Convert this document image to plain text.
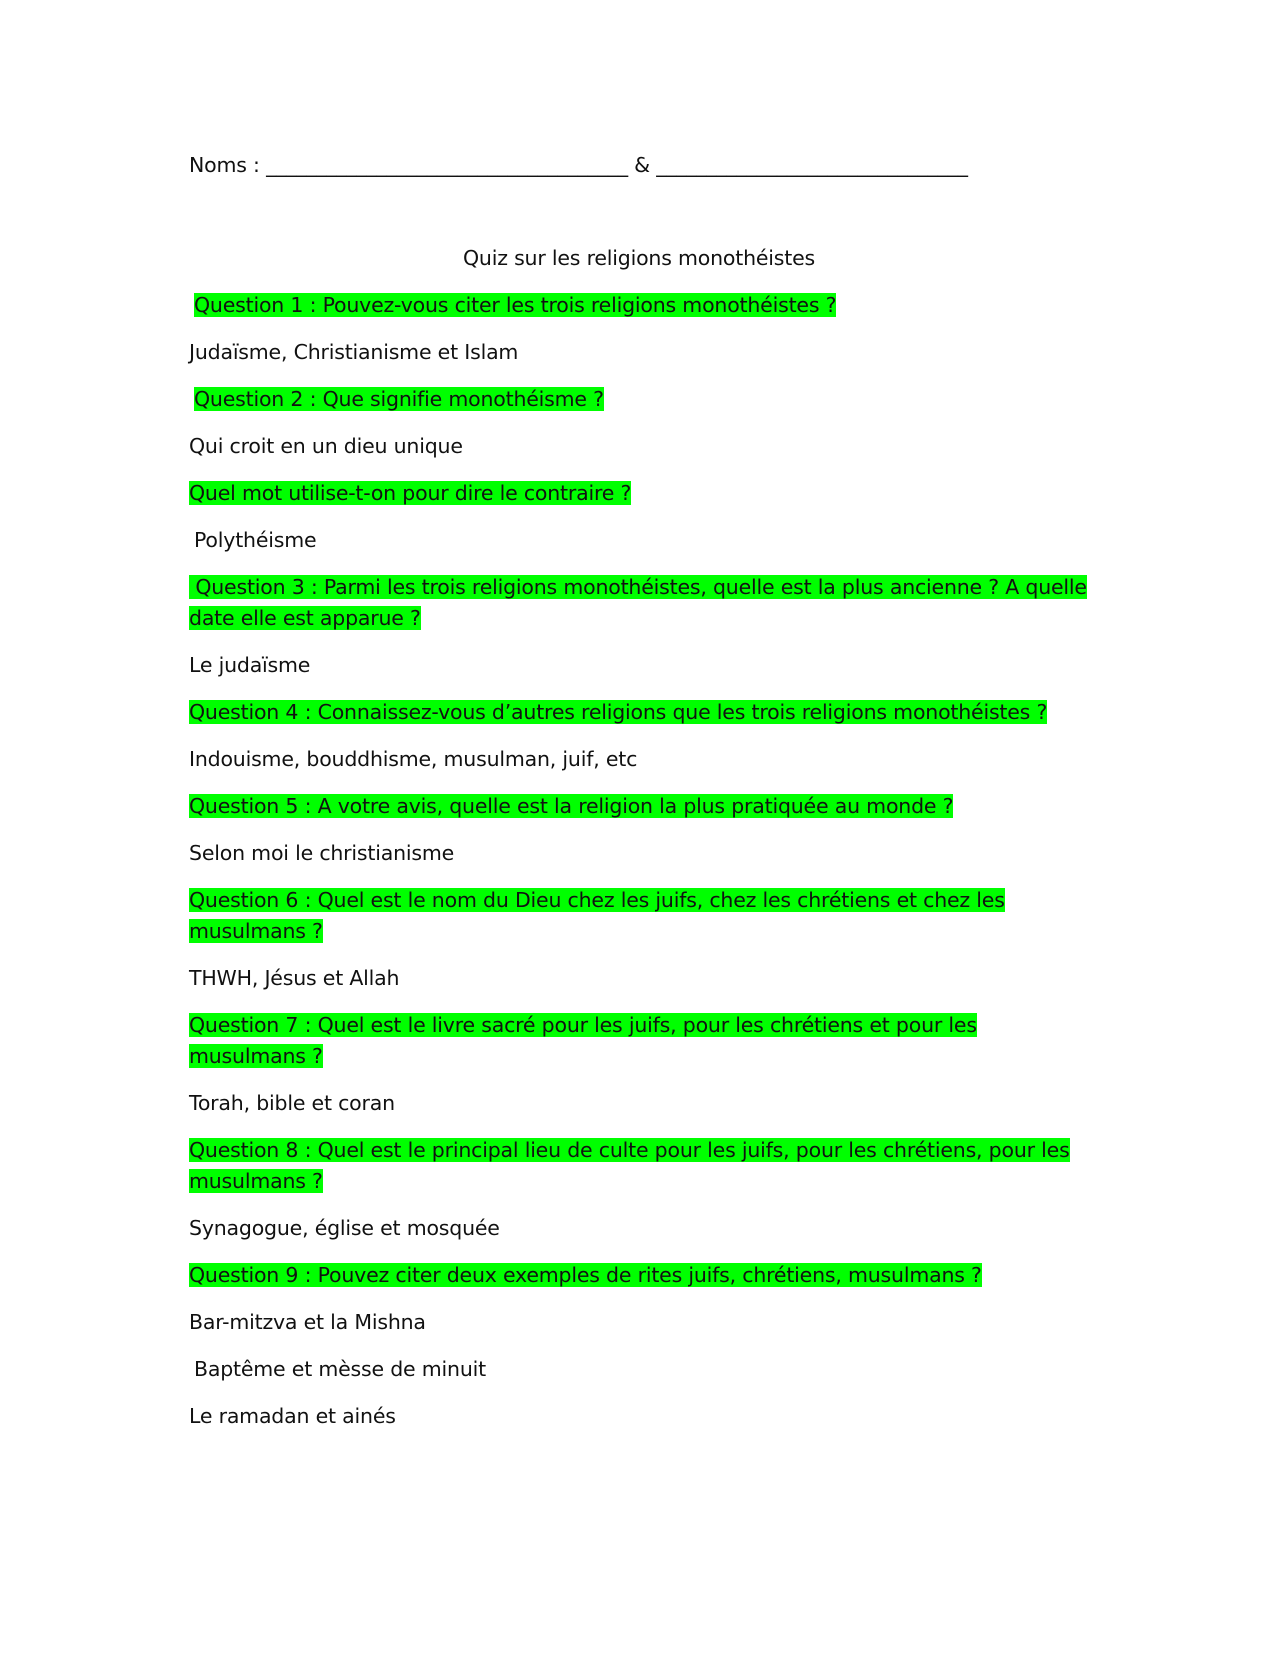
Noms : ____________________________________ & _______________________________
Quiz sur les religions monothéistes
Question 1 : Pouvez-vous citer les trois religions monothéistes ?
Judaïsme, Christianisme et Islam
Question 2 : Que signifie monothéisme ?
Qui croit en un dieu unique
Quel mot utilise-t-on pour dire le contraire ?
Polythéisme
Question 3 : Parmi les trois religions monothéistes, quelle est la plus ancienne ? A quelle date elle est apparue ?
Le judaïsme
Question 4 : Connaissez-vous d’autres religions que les trois religions monothéistes ?
Indouisme, bouddhisme, musulman, juif, etc
Question 5 : A votre avis, quelle est la religion la plus pratiquée au monde ?
Selon moi le christianisme
Question 6 : Quel est le nom du Dieu chez les juifs, chez les chrétiens et chez les musulmans ?
THWH, Jésus et Allah
Question 7 : Quel est le livre sacré pour les juifs, pour les chrétiens et pour les musulmans ?
Torah, bible et coran
Question 8 : Quel est le principal lieu de culte pour les juifs, pour les chrétiens, pour les musulmans ?
Synagogue, église et mosquée
Question 9 : Pouvez citer deux exemples de rites juifs, chrétiens, musulmans ?
Bar-mitzva et la Mishna
Baptême et mèsse de minuit
Le ramadan et ainés
